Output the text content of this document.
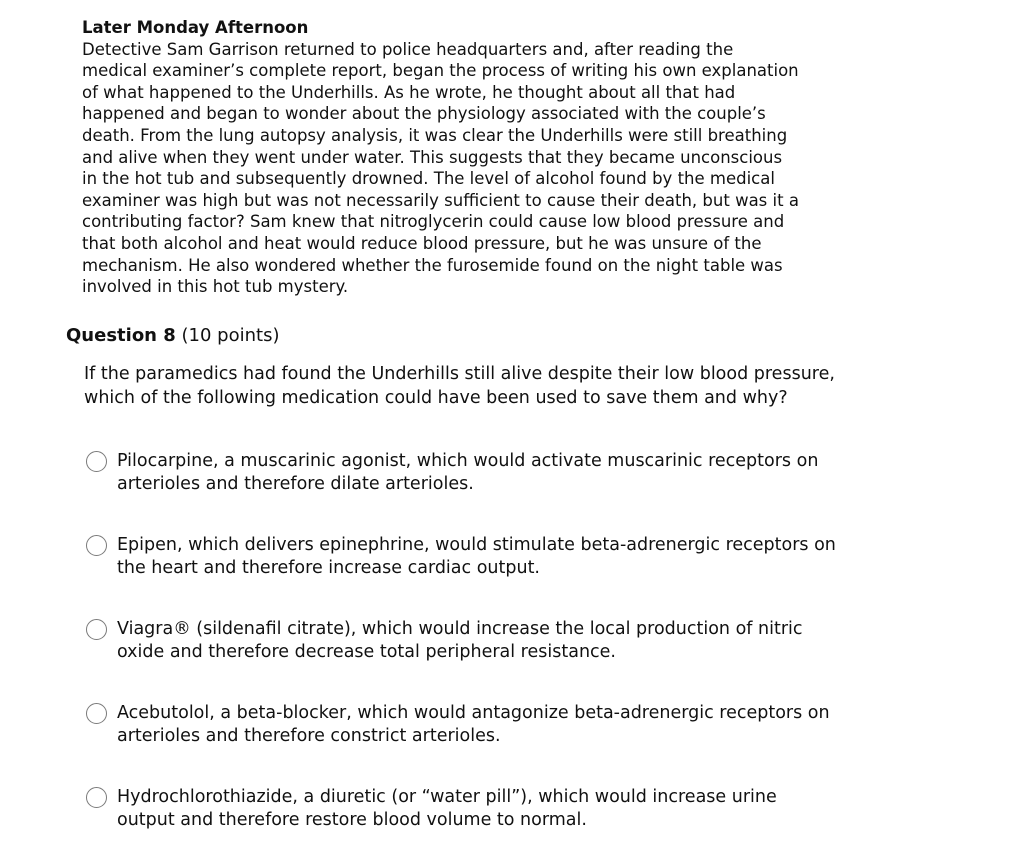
Later Monday Afternoon
Detective Sam Garrison returned to police headquarters and, after reading the medical examiner’s complete report, began the process of writing his own explanation of what happened to the Underhills. As he wrote, he thought about all that had happened and began to wonder about the physiology associated with the couple’s death. From the lung autopsy analysis, it was clear the Underhills were still breathing and alive when they went under water. This suggests that they became unconscious in the hot tub and subsequently drowned. The level of alcohol found by the medical examiner was high but was not necessarily sufficient to cause their death, but was it a contributing factor? Sam knew that nitroglycerin could cause low blood pressure and that both alcohol and heat would reduce blood pressure, but he was unsure of the mechanism. He also wondered whether the furosemide found on the night table was involved in this hot tub mystery.
Question 8 (10 points)
If the paramedics had found the Underhills still alive despite their low blood pressure, which of the following medication could have been used to save them and why?
Pilocarpine, a muscarinic agonist, which would activate muscarinic receptors on arterioles and therefore dilate arterioles.
Epipen, which delivers epinephrine, would stimulate beta-adrenergic receptors on the heart and therefore increase cardiac output.
Viagra® (sildenafil citrate), which would increase the local production of nitric oxide and therefore decrease total peripheral resistance.
Acebutolol, a beta-blocker, which would antagonize beta-adrenergic receptors on arterioles and therefore constrict arterioles.
Hydrochlorothiazide, a diuretic (or “water pill”), which would increase urine output and therefore restore blood volume to normal.
